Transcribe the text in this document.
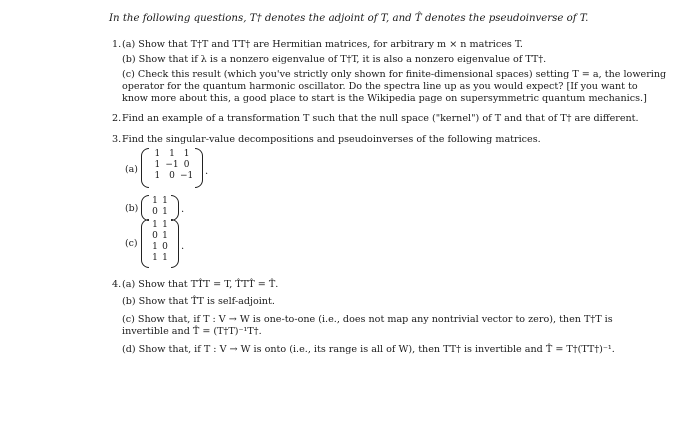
In the following questions, T† denotes the adjoint of T, and T̂ denotes the pseudoinverse of T.
1. (a) Show that T†T and TT† are Hermitian matrices, for arbitrary m × n matrices T.
(b) Show that if λ is a nonzero eigenvalue of T†T, it is also a nonzero eigenvalue of TT†.
(c) Check this result (which you've strictly only shown for finite-dimensional spaces) setting T = a, the lowering
operator for the quantum harmonic oscillator. Do the spectra line up as you would expect? [If you want to
know more about this, a good place to start is the Wikipedia page on supersymmetric quantum mechanics.]
2. Find an example of a transformation T such that the null space ("kernel") of T and that of T† are different.
3. Find the singular-value decompositions and pseudoinverses of the following matrices.
(a)
1 1 1
1 −1 0
1 0 −1 .
(b)
1 1
0 1 .
(c)
1 1
0 1
1 0
1 1
.
4. (a) Show that TT̂T = T, T̂TT̂ = T̂.
(b) Show that T̂T is self-adjoint.
(c) Show that, if T : V → W is one-to-one (i.e., does not map any nontrivial vector to zero), then T†T is
invertible and T̂ = (T†T)⁻¹T†.
(d) Show that, if T : V → W is onto (i.e., its range is all of W), then TT† is invertible and T̂ = T†(TT†)⁻¹.
